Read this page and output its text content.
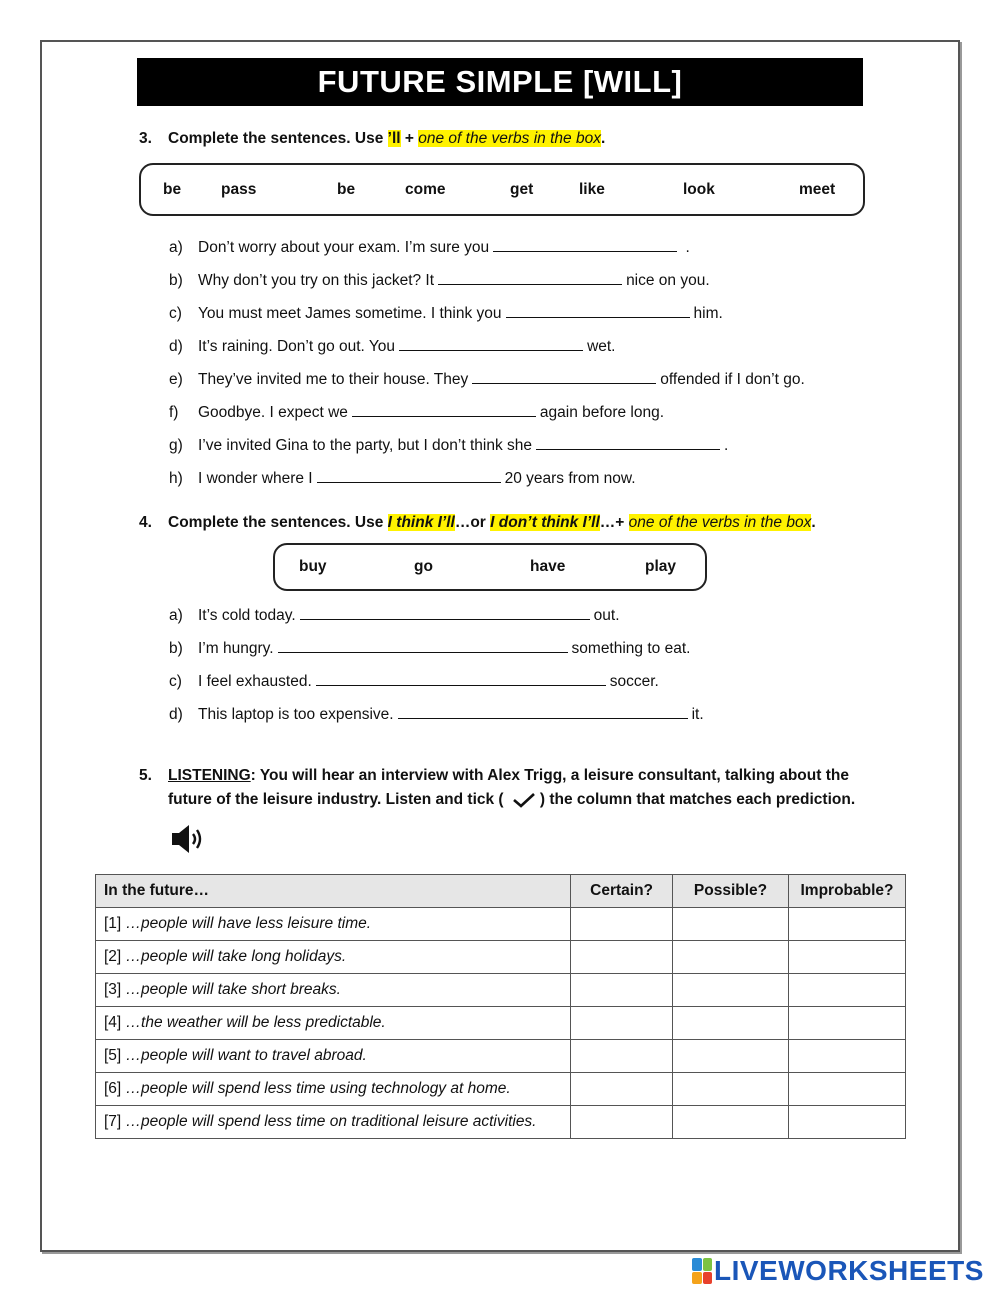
FUTURE SIMPLE [WILL]
3. Complete the sentences. Use ’ll + one of the verbs in the box.
be	pass	be	come	get	like	look	meet
a) Don’t worry about your exam. I’m sure you	.
b) Why don’t you try on this jacket? It	nice on you.
c) You must meet James sometime. I think you	him.
d) It’s raining. Don’t go out. You	wet.
e) They’ve invited me to their house. They	offended if I don’t go.
f) Goodbye. I expect we	again before long.
g) I’ve invited Gina to the party, but I don’t think she	.
h) I wonder where I	20 years from now.
4. Complete the sentences. Use I think I’ll…or I don’t think I’ll…+ one of the verbs in the box.
buy	go	have	play
a) It’s cold today.	out.
b) I’m hungry.	something to eat.
c) I feel exhausted.	soccer.
d) This laptop is too expensive.	it.
5. LISTENING: You will hear an interview with Alex Trigg, a leisure consultant, talking about the
future of the leisure industry. Listen and tick ( ) the column that matches each prediction.
In the future…	Certain?	Possible?	Improbable?
[1] …people will have less leisure time.			
[2] …people will take long holidays.			
[3] …people will take short breaks.			
[4] …the weather will be less predictable.			
[5] …people will want to travel abroad.			
[6] …people will spend less time using technology at home.			
[7] …people will spend less time on traditional leisure activities.			
LIVEWORKSHEETS
